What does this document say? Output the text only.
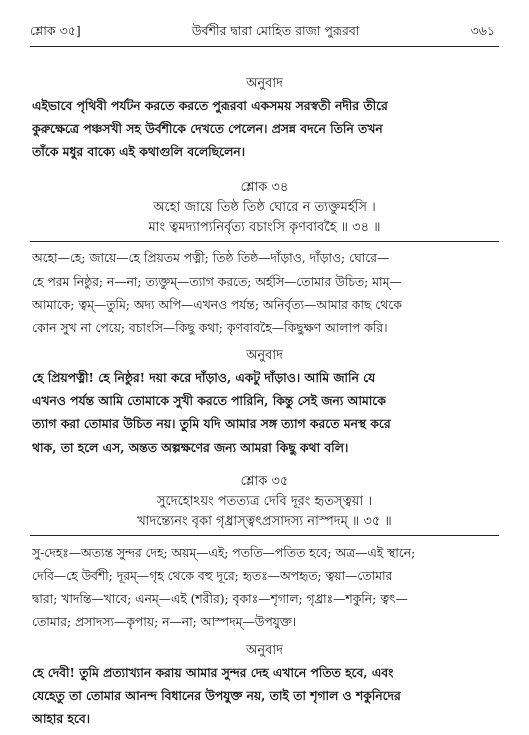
শ্লোক ৩৫]	উর্বশীর দ্বারা মোহিত রাজা পুরূরবা	৩৬১
অনুবাদ
এইভাবে পৃথিবী পর্যটন করতে করতে পুরূরবা একসময় সরস্বতী নদীর তীরে
কুরুক্ষেত্রে পঞ্চসখী সহ উর্বশীকে দেখতে পেলেন। প্রসন্ন বদনে তিনি তখন
তাঁকে মধুর বাক্যে এই কথাগুলি বলেছিলেন।
শ্লোক ৩৪
অহো জায়ে তিষ্ঠ তিষ্ঠ ঘোরে ন ত্যক্তুমর্হসি ।
মাং ত্বমদ্যাপ্যনির্বৃত্য বচাংসি কৃণবাবহৈ ॥ ৩৪ ॥
অহো—হে; জায়ে—হে প্রিয়তম পত্নী; তিষ্ঠ তিষ্ঠ—দাঁড়াও, দাঁড়াও; ঘোরে—
হে পরম নিষ্ঠুর; ন—না; ত্যক্তুম্—ত্যাগ করতে; অর্হসি—তোমার উচিত; মাম্—
আমাকে; ত্বম্—তুমি; অদ্য অপি—এখনও পর্যন্ত; অনির্বৃত্য—আমার কাছ থেকে
কোন সুখ না পেয়ে; বচাংসি—কিছু কথা; কৃণবাবহৈ—কিছুক্ষণ আলাপ করি।
অনুবাদ
হে প্রিয়পত্নী! হে নিষ্ঠুর! দয়া করে দাঁড়াও, একটু দাঁড়াও। আমি জানি যে
এখনও পর্যন্ত আমি তোমাকে সুখী করতে পারিনি, কিন্তু সেই জন্য আমাকে
ত্যাগ করা তোমার উচিত নয়। তুমি যদি আমার সঙ্গ ত্যাগ করতে মনস্থ করে
থাক, তা হলে এস, অন্তত অল্পক্ষণের জন্য আমরা কিছু কথা বলি।
শ্লোক ৩৫
সুদেহোঽয়ং পতত্যত্র দেবি দূরং হৃতস্ত্বয়া ।
খাদন্ত্যেনং বৃকা গৃধ্রাস্ত্বৎপ্রসাদস্য নাস্পদম্ ॥ ৩৫ ॥
সু-দেহঃ—অত্যন্ত সুন্দর দেহ; অয়ম্—এই; পততি—পতিত হবে; অত্র—এই স্থানে;
দেবি—হে উর্বশী; দূরম্—গৃহ থেকে বহু দূরে; হৃতঃ—অপহৃত; ত্বয়া—তোমার
দ্বারা; খাদন্তি—খাবে; এনম্—এই (শরীর); বৃকাঃ—শৃগাল; গৃধ্রাঃ—শকুনি; ত্বৎ—
তোমার; প্রসাদস্য—কৃপায়; ন—না; আস্পদম্—উপযুক্ত।
অনুবাদ
হে দেবী! তুমি প্রত্যাখ্যান করায় আমার সুন্দর দেহ এখানে পতিত হবে, এবং
যেহেতু তা তোমার আনন্দ বিধানের উপযুক্ত নয়, তাই তা শৃগাল ও শকুনিদের
আহার হবে।
